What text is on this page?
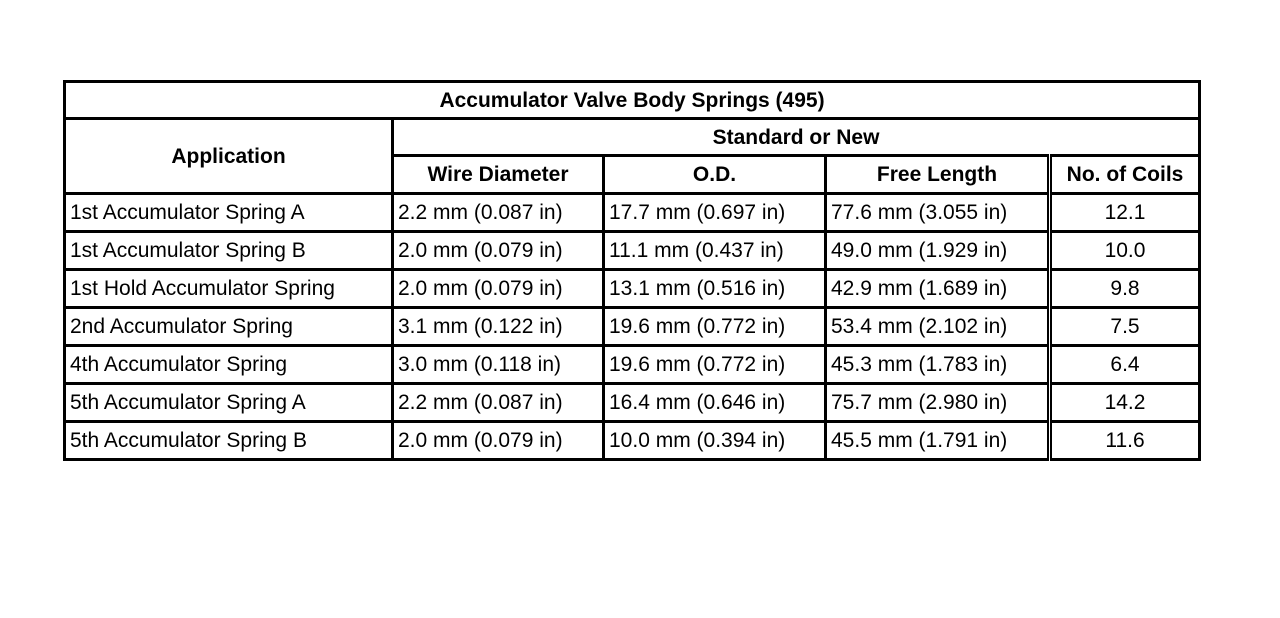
Accumulator Valve Body Springs (495)				
Application	Standard or New			
	Wire Diameter	O.D.	Free Length	No. of Coils
1st Accumulator Spring A	2.2 mm (0.087 in)	17.7 mm (0.697 in)	77.6 mm (3.055 in)	12.1
1st Accumulator Spring B	2.0 mm (0.079 in)	11.1 mm (0.437 in)	49.0 mm (1.929 in)	10.0
1st Hold Accumulator Spring	2.0 mm (0.079 in)	13.1 mm (0.516 in)	42.9 mm (1.689 in)	9.8
2nd Accumulator Spring	3.1 mm (0.122 in)	19.6 mm (0.772 in)	53.4 mm (2.102 in)	7.5
4th Accumulator Spring	3.0 mm (0.118 in)	19.6 mm (0.772 in)	45.3 mm (1.783 in)	6.4
5th Accumulator Spring A	2.2 mm (0.087 in)	16.4 mm (0.646 in)	75.7 mm (2.980 in)	14.2
5th Accumulator Spring B	2.0 mm (0.079 in)	10.0 mm (0.394 in)	45.5 mm (1.791 in)	11.6
